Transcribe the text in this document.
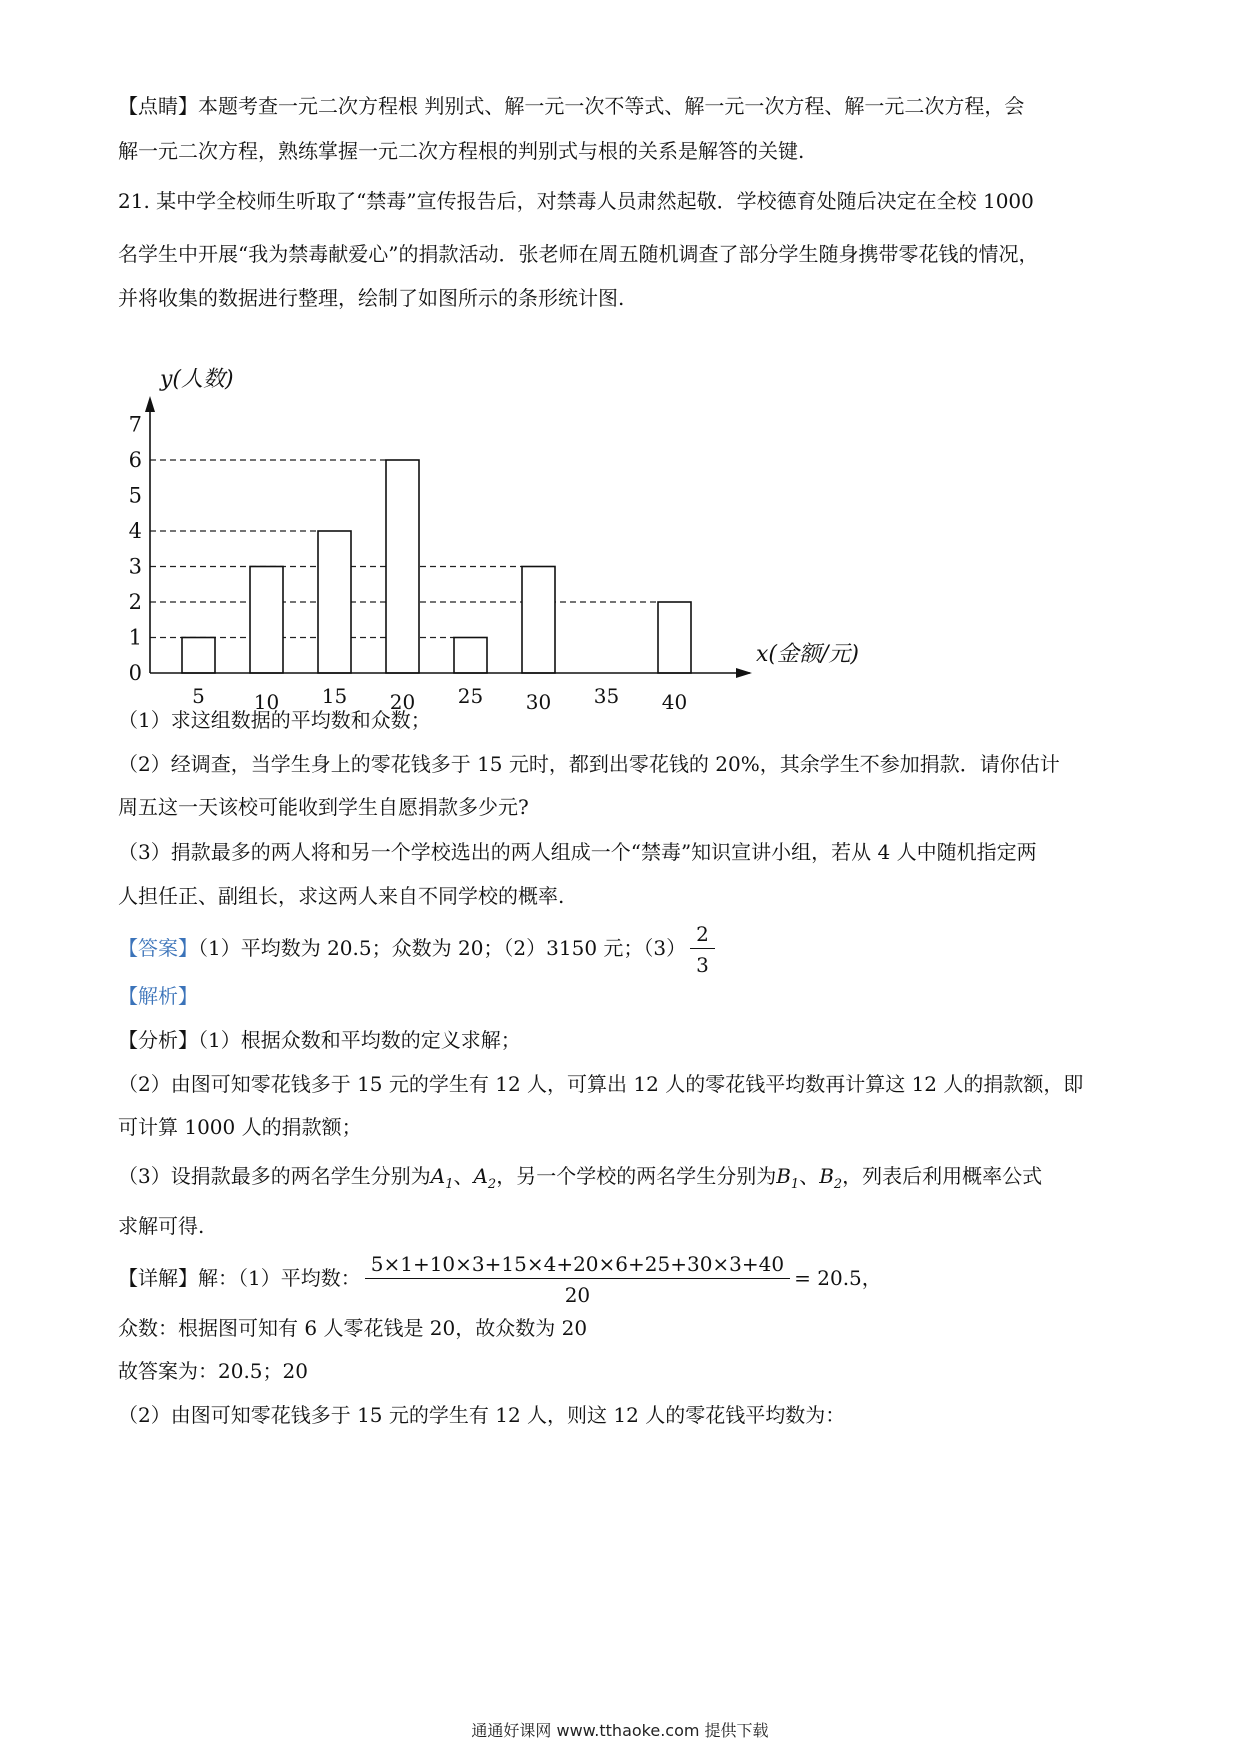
【点睛】本题考查一元二次方程根 判别式、解一元一次不等式、解一元一次方程、解一元二次方程，会
解一元二次方程，熟练掌握一元二次方程根的判别式与根的关系是解答的关键.
21. 某中学全校师生听取了“禁毒”宣传报告后，对禁毒人员肃然起敬．学校德育处随后决定在全校 1000
名学生中开展“我为禁毒献爱心”的捐款活动．张老师在周五随机调查了部分学生随身携带零花钱的情况，
并将收集的数据进行整理，绘制了如图所示的条形统计图.
5 10 15 20 25 30 35 40
0
1
2
3
4
5
6
7
y(人数)
x(金额/元)
（1）求这组数据的平均数和众数；
（2）经调查，当学生身上的零花钱多于 15 元时，都到出零花钱的 20%，其余学生不参加捐款．请你估计
周五这一天该校可能收到学生自愿捐款多少元?
（3）捐款最多的两人将和另一个学校选出的两人组成一个“禁毒”知识宣讲小组，若从 4 人中随机指定两
人担任正、副组长，求这两人来自不同学校的概率.
【答案】（1）平均数为 20.5；众数为 20；（2）3150 元；$(3) \frac{2}{3}$
【解析】
【分析】（1）根据众数和平均数的定义求解；
（2）由图可知零花钱多于 15 元的学生有 12 人，可算出 12 人的零花钱平均数再计算这 12 人的捐款额，即
可计算 1000 人的捐款额；
（3）设捐款最多的两名学生分别为$A_1$、$A_2$，另一个学校的两名学生分别为$B_1$、$B_2$，列表后利用概率公式
求解可得.
【详解】解：（1）平均数： $\frac{5\times 1+10\times 3+15\times 4+20\times 6+25+30\times 3+40}{20} = 20.5$，
众数：根据图可知有 6 人零花钱是 20，故众数为 20
故答案为：20.5；20
（2）由图可知零花钱多于 15 元的学生有 12 人，则这 12 人的零花钱平均数为：
通通好课网 www.tthaoke.com 提供下载
